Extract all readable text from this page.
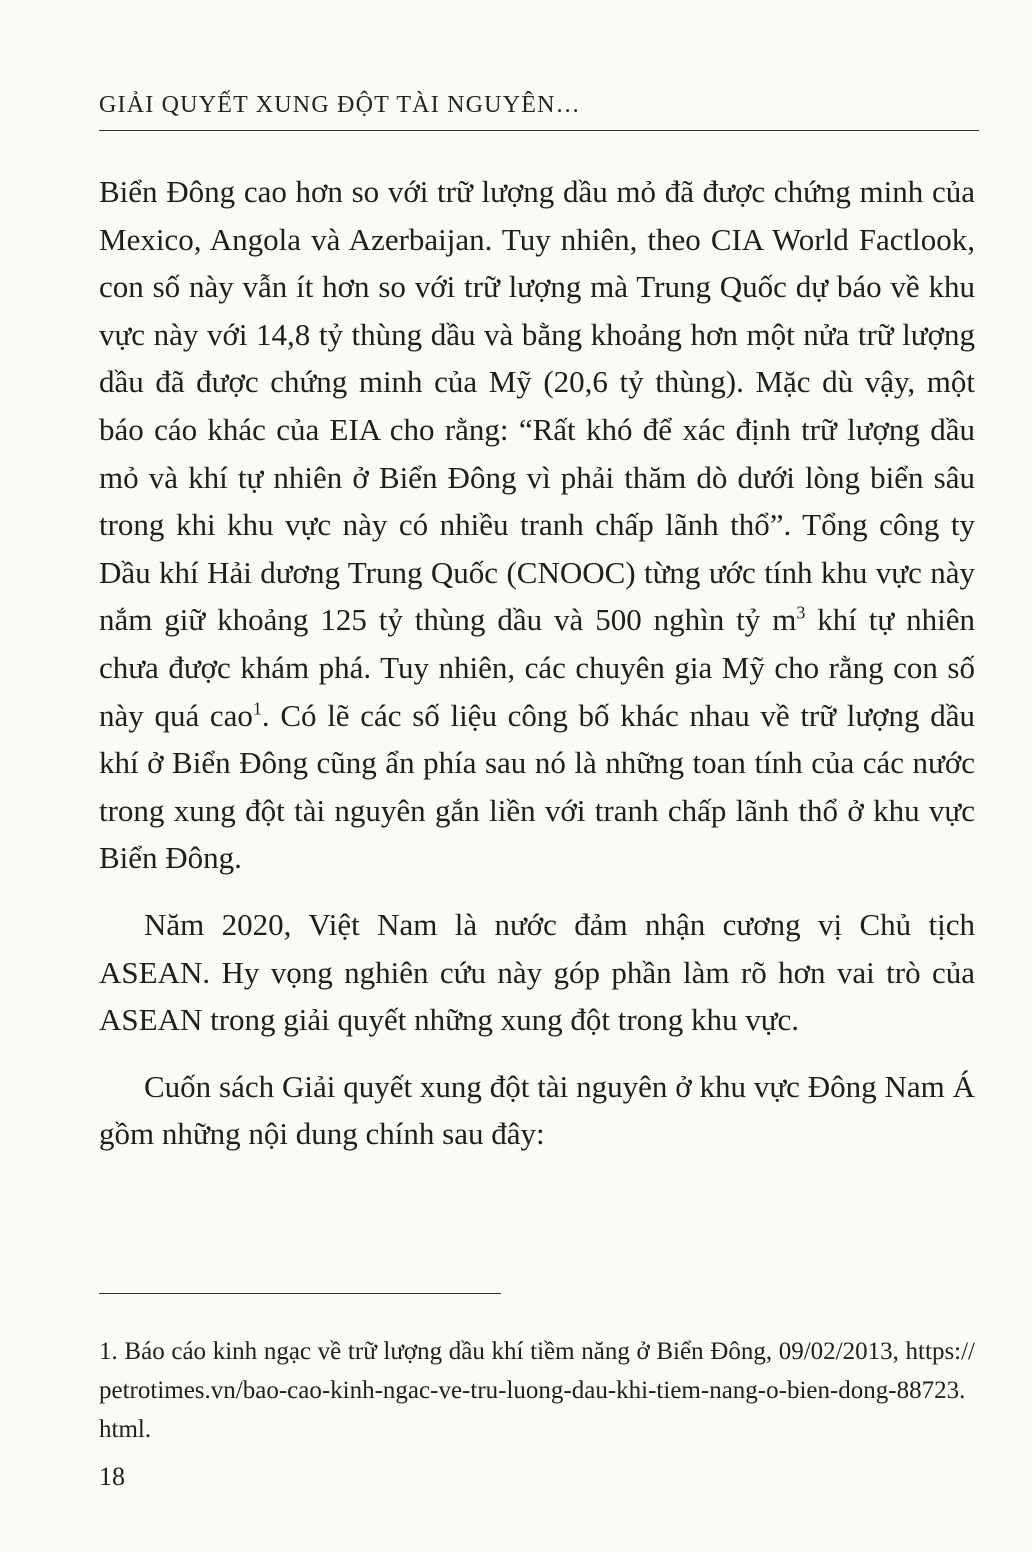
GIẢI QUYẾT XUNG ĐỘT TÀI NGUYÊN…

Biển Đông cao hơn so với trữ lượng dầu mỏ đã được chứng minh của Mexico, Angola và Azerbaijan. Tuy nhiên, theo CIA World Factlook, con số này vẫn ít hơn so với trữ lượng mà Trung Quốc dự báo về khu vực này với 14,8 tỷ thùng dầu và bằng khoảng hơn một nửa trữ lượng dầu đã được chứng minh của Mỹ (20,6 tỷ thùng). Mặc dù vậy, một báo cáo khác của EIA cho rằng: “Rất khó để xác định trữ lượng dầu mỏ và khí tự nhiên ở Biển Đông vì phải thăm dò dưới lòng biển sâu trong khi khu vực này có nhiều tranh chấp lãnh thổ”. Tổng công ty Dầu khí Hải dương Trung Quốc (CNOOC) từng ước tính khu vực này nắm giữ khoảng 125 tỷ thùng dầu và 500 nghìn tỷ $m^3$ khí tự nhiên chưa được khám phá. Tuy nhiên, các chuyên gia Mỹ cho rằng con số này quá cao$^1$. Có lẽ các số liệu công bố khác nhau về trữ lượng dầu khí ở Biển Đông cũng ẩn phía sau nó là những toan tính của các nước trong xung đột tài nguyên gắn liền với tranh chấp lãnh thổ ở khu vực Biển Đông.

Năm 2020, Việt Nam là nước đảm nhận cương vị Chủ tịch ASEAN. Hy vọng nghiên cứu này góp phần làm rõ hơn vai trò của ASEAN trong giải quyết những xung đột trong khu vực.

Cuốn sách Giải quyết xung đột tài nguyên ở khu vực Đông Nam Á gồm những nội dung chính sau đây:

1. Báo cáo kinh ngạc về trữ lượng dầu khí tiềm năng ở Biển Đông, 09/02/2013, https://petrotimes.vn/bao-cao-kinh-ngac-ve-tru-luong-dau-khi-tiem-nang-o-bien-dong-88723.html.
18
